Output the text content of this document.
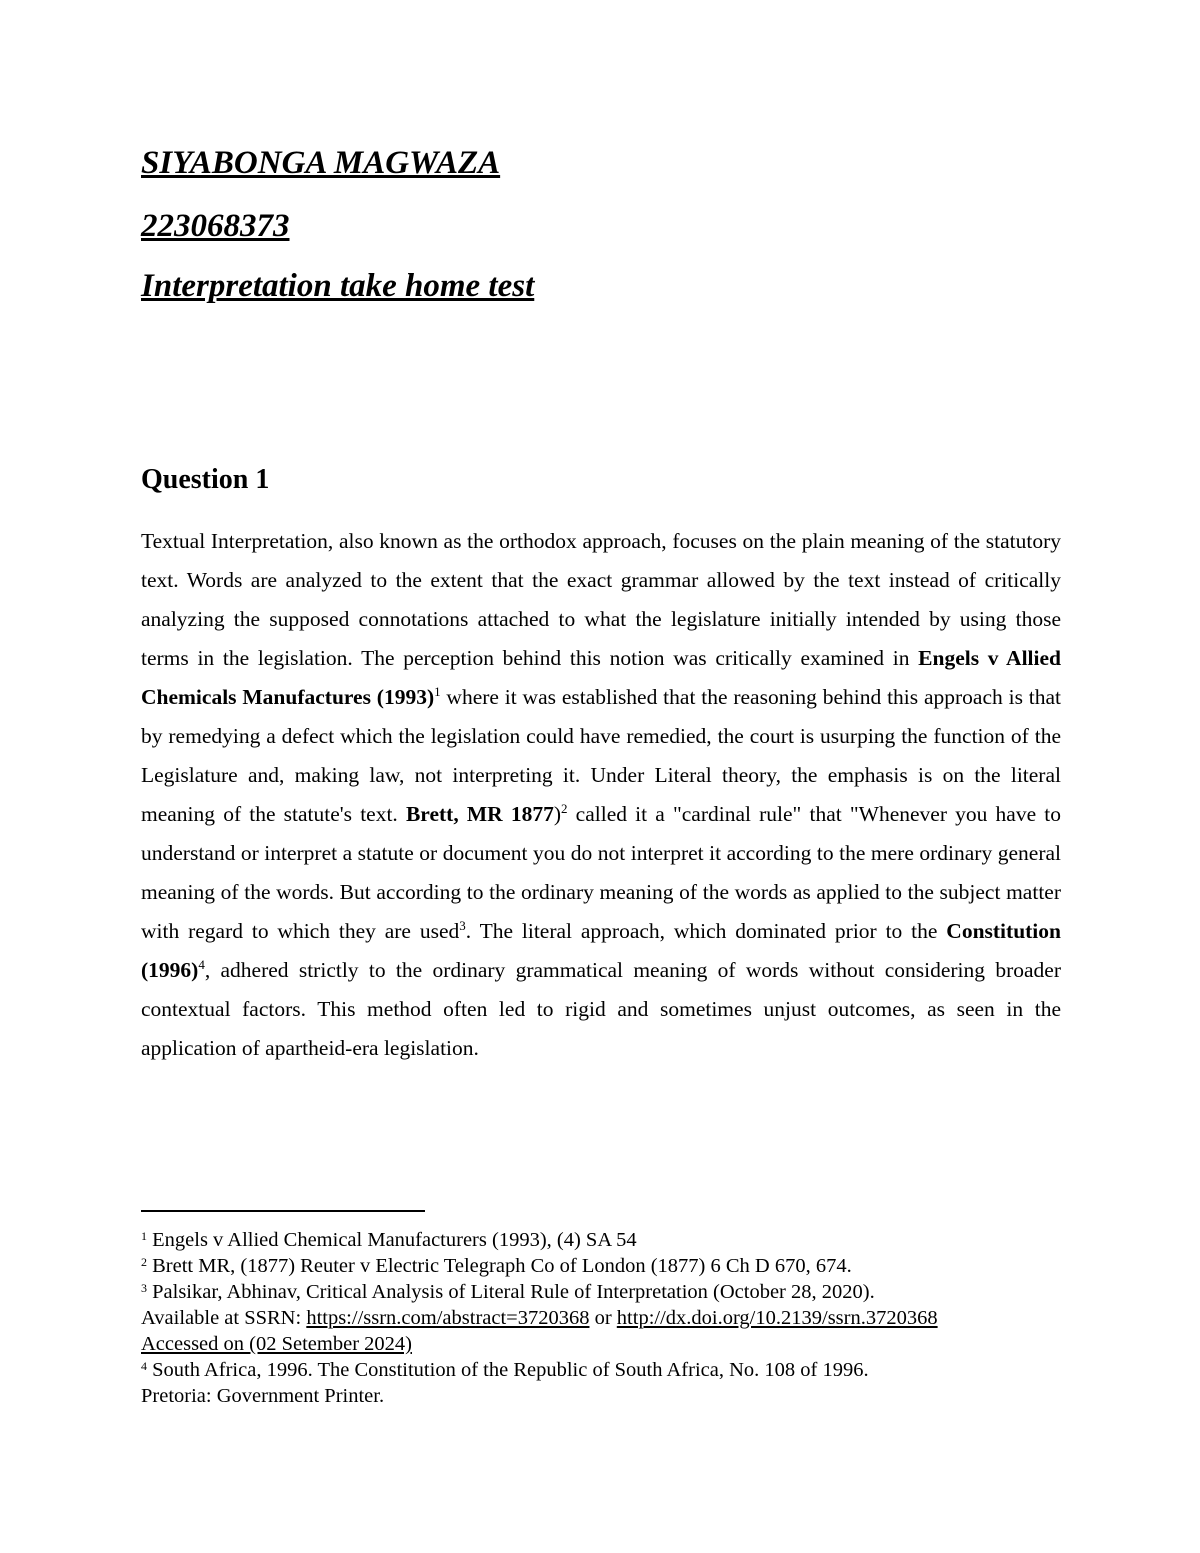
SIYABONGA MAGWAZA

223068373

Interpretation take home test

Question 1

Textual Interpretation, also known as the orthodox approach, focuses on the plain meaning of the statutory text. Words are analyzed to the extent that the exact grammar allowed by the text instead of critically analyzing the supposed connotations attached to what the legislature initially intended by using those terms in the legislation. The perception behind this notion was critically examined in Engels v Allied Chemicals Manufactures $(1993)^1$ where it was established that the reasoning behind this approach is that by remedying a defect which the legislation could have remedied, the court is usurping the function of the Legislature and, making law, not interpreting it. Under Literal theory, the emphasis is on the literal meaning of the statute's text. Brett, MR 1877)$^2$ called it a "cardinal rule" that "Whenever you have to understand or interpret a statute or document you do not interpret it according to the mere ordinary general meaning of the words. But according to the ordinary meaning of the words as applied to the subject matter with regard to which they are used$^3$. The literal approach, which dominated prior to the Constitution $(1996)^4$, adhered strictly to the ordinary grammatical meaning of words without considering broader contextual factors. This method often led to rigid and sometimes unjust outcomes, as seen in the application of apartheid-era legislation.

$^1$ Engels v Allied Chemical Manufacturers (1993), (4) SA 54

$^2$ Brett MR, (1877) Reuter v Electric Telegraph Co of London (1877) 6 Ch D 670, 674.

$^3$ Palsikar, Abhinav, Critical Analysis of Literal Rule of Interpretation (October 28, 2020).

Available at SSRN: https://ssrn.com/abstract=3720368 or http://dx.doi.org/10.2139/ssrn.3720368

Accessed on (02 Setember 2024)

$^4$ South Africa, 1996. The Constitution of the Republic of South Africa, No. 108 of 1996.

Pretoria: Government Printer.
